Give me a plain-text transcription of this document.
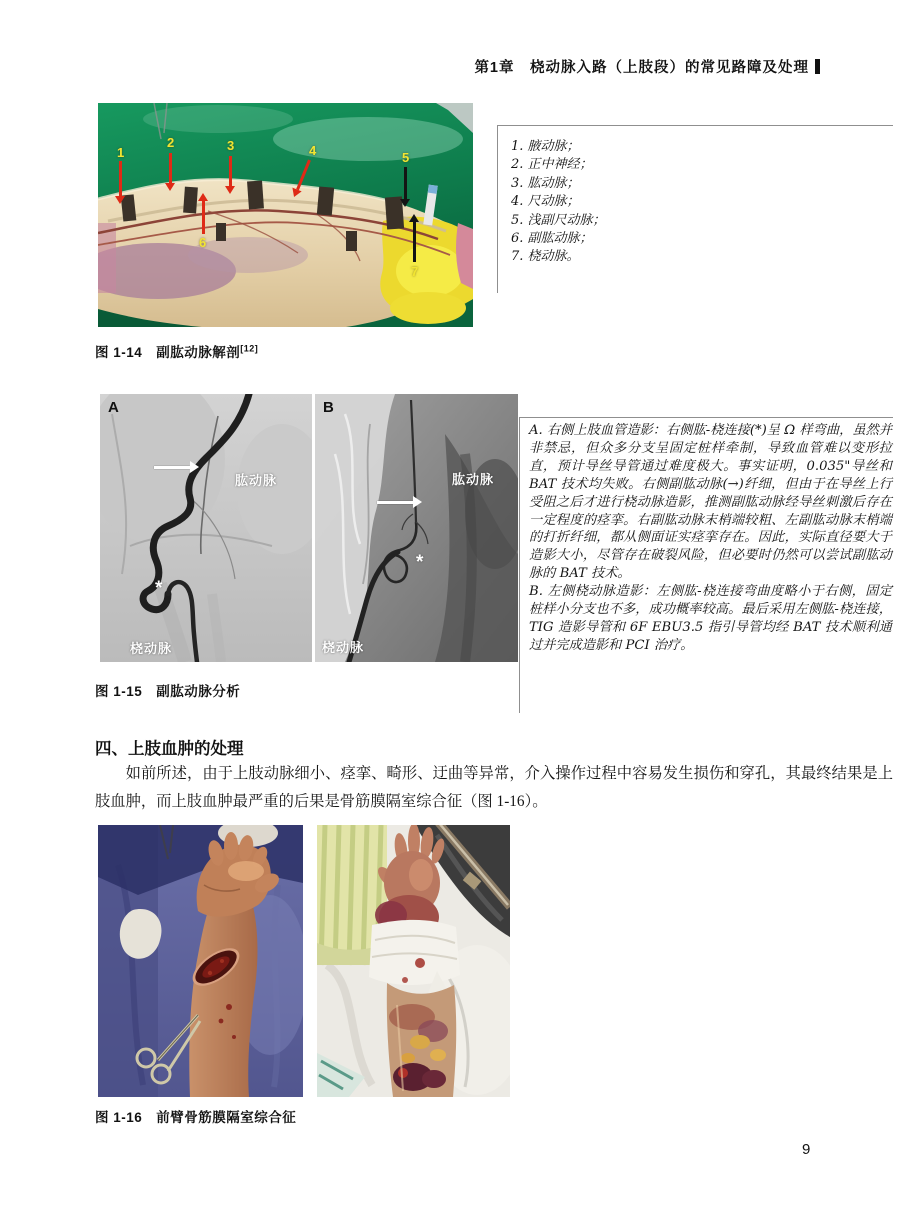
第1章　桡动脉入路（上肢段）的常见路障及处理
1
2	3	4	5
6
7
1. 腋动脉；
2. 正中神经；
3. 肱动脉；
4. 尺动脉；
5. 浅副尺动脉；
6. 副肱动脉；
7. 桡动脉。
图 1-14　副肱动脉解剖[12]
A
肱动脉
*
桡动脉
B
肱动脉
*
桡动脉

A. 右侧上肢血管造影：右侧肱-桡连接(*)呈 Ω 样弯曲，虽然并非禁忌，但众多分支呈固定桩样牵制，导致血管难以变形拉直，预计导丝导管通过难度极大。事实证明，0.035"导丝和 BAT 技术均失败。右侧副肱动脉(→)纤细，但由于在导丝上行受阻之后才进行桡动脉造影，推测副肱动脉经导丝刺激后存在一定程度的痉挛。右副肱动脉末梢端较粗、左副肱动脉末梢端的打折纤细，都从侧面证实痉挛存在。因此，实际直径要大于造影大小，尽管存在破裂风险，但必要时仍然可以尝试副肱动脉的 BAT 技术。

B. 左侧桡动脉造影：左侧肱-桡连接弯曲度略小于右侧，固定桩样小分支也不多，成功概率较高。最后采用左侧肱-桡连接，TIG 造影导管和 6F EBU3.5 指引导管均经 BAT 技术顺利通过并完成造影和 PCI 治疗。

图 1-15　副肱动脉分析
四、上肢血肿的处理
如前所述，由于上肢动脉细小、痉挛、畸形、迂曲等异常，介入操作过程中容易发生损伤和穿孔，其最终结果是上肢血肿，而上肢血肿最严重的后果是骨筋膜隔室综合征（图 1-16）。
图 1-16　前臂骨筋膜隔室综合征
9
